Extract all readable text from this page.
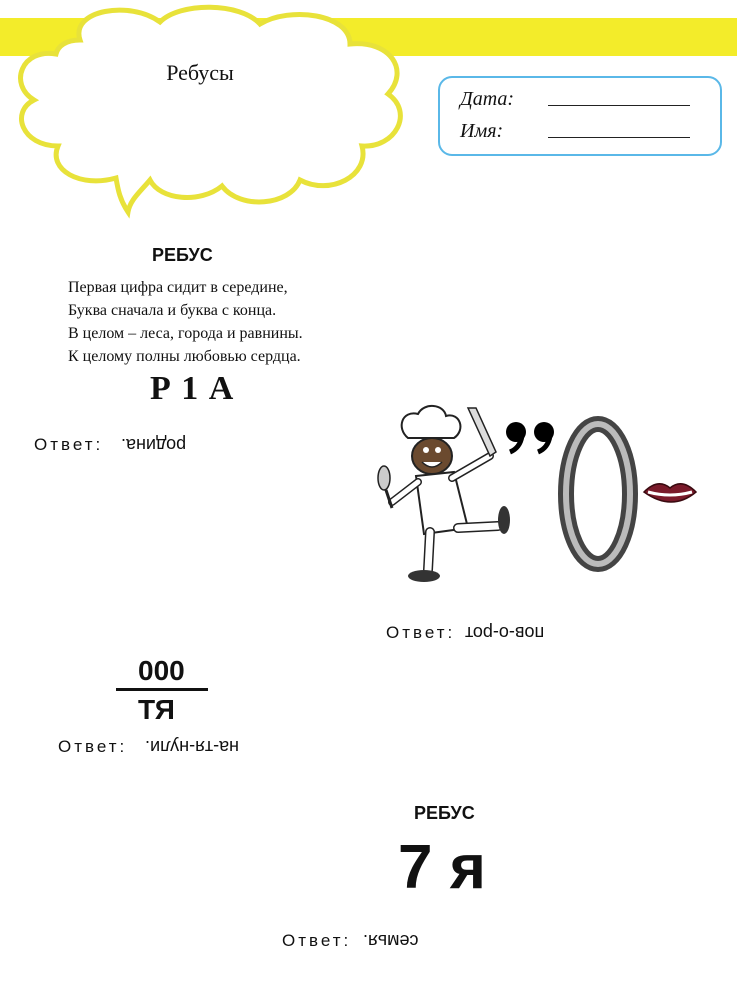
Ребусы
Дата:
Имя:
РЕБУС
Первая цифра сидит в середине,
Буква сначала и буква с конца.
В целом – леса, города и равнины.
К целому полны любовью сердца.
Р 1 А
Ответ: родина.
Ответ: пов-о-рот
000
ТЯ
Ответ: на-тя-нули.
РЕБУС
7 я
Ответ: семья.
